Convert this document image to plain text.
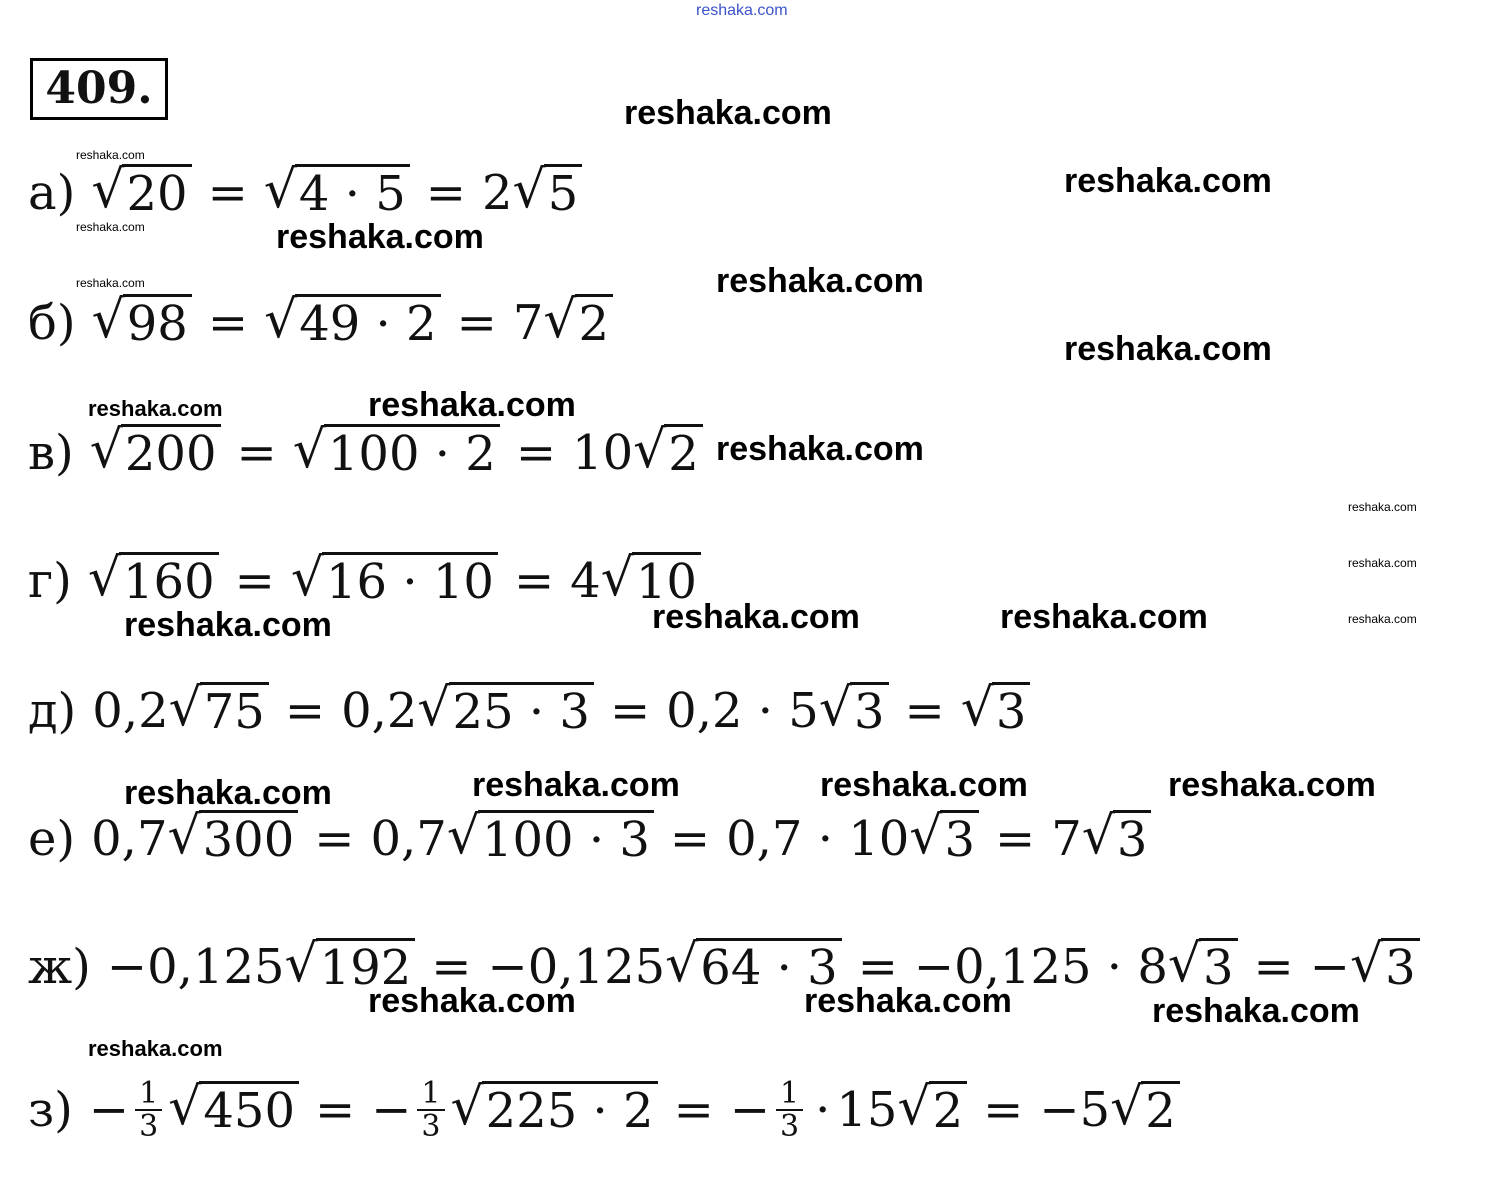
reshaka.com
409.
а) √ 20 = √ 4 · 5 = 2 √ 5
б) √ 98 = √ 49 · 2 = 7 √ 2
в) √ 200 = √ 100 · 2 = 10 √ 2
г) √ 160 = √ 16 · 10 = 4 √ 10
д) 0,2 √ 75 = 0,2 √ 25 · 3 = 0,2 · 5 √ 3 = √ 3
е) 0,7 √ 300 = 0,7 √ 100 · 3 = 0,7 · 10 √ 3 = 7 √ 3
ж) −0,125 √ 192 = −0,125 √ 64 · 3 = −0,125 · 8 √ 3 = − √ 3
$з) - \frac{1}{3}$ √ 450 = − $\frac{1}{3}$ √ 225 · 2 = − $\frac{1}{3} \cdot 15$ √ 2 = −5 √ 2
reshaka.com
reshaka.com
reshaka.com
reshaka.com	reshaka.com
reshaka.com	reshaka.com
reshaka.com
reshaka.com	reshaka.com
reshaka.com
reshaka.com
reshaka.com
reshaka.com
reshaka.com	reshaka.com	reshaka.com
reshaka.com	reshaka.com	reshaka.com	reshaka.com
reshaka.com	reshaka.com	reshaka.com
reshaka.com
